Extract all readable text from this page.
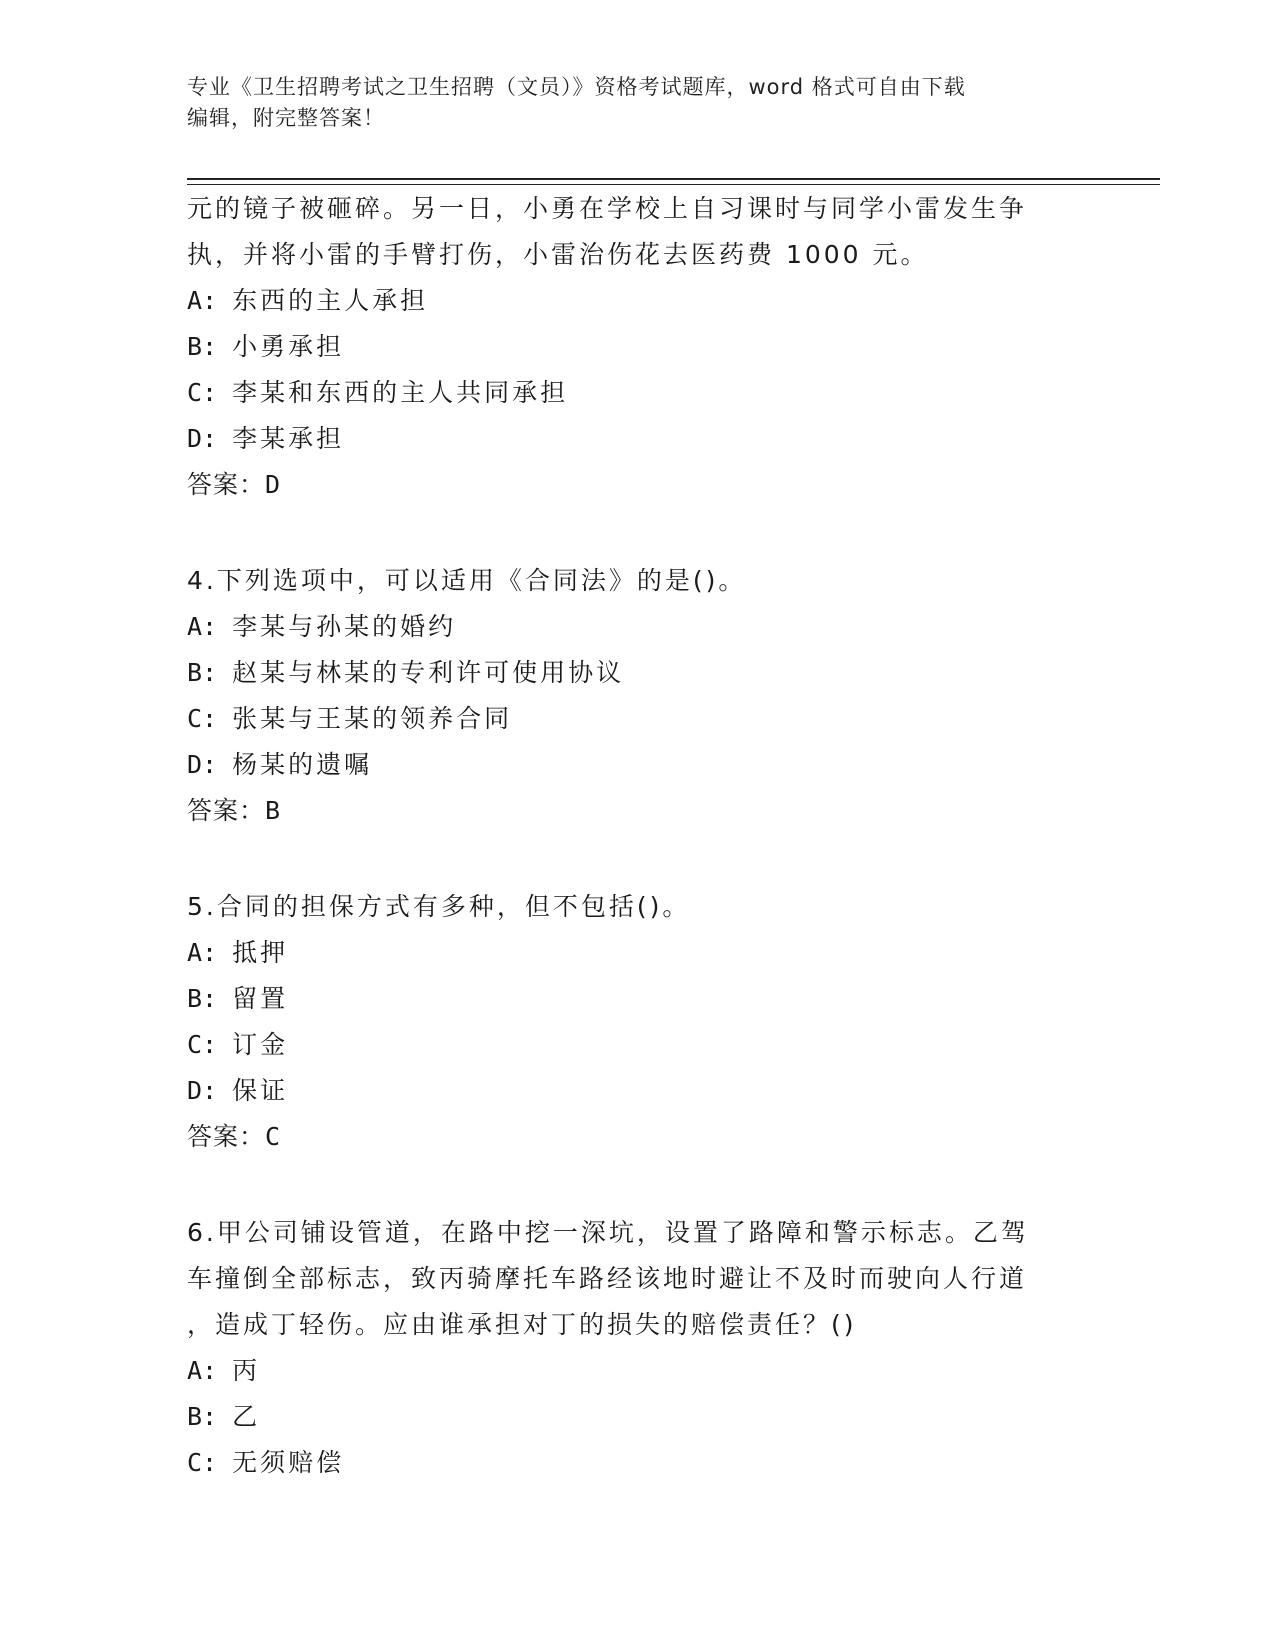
专业《卫生招聘考试之卫生招聘（文员）》资格考试题库，word 格式可自由下载
编辑，附完整答案！
元的镜子被砸碎。另一日，小勇在学校上自习课时与同学小雷发生争
执，并将小雷的手臂打伤，小雷治伤花去医药费 1000 元。
A: 东西的主人承担
B: 小勇承担
C: 李某和东西的主人共同承担
D: 李某承担
答案：D
4.下列选项中，可以适用《合同法》的是()。
A: 李某与孙某的婚约
B: 赵某与林某的专利许可使用协议
C: 张某与王某的领养合同
D: 杨某的遗嘱
答案：B
5.合同的担保方式有多种，但不包括()。
A: 抵押
B: 留置
C: 订金
D: 保证
答案：C
6.甲公司铺设管道，在路中挖一深坑，设置了路障和警示标志。乙驾
车撞倒全部标志，致丙骑摩托车路经该地时避让不及时而驶向人行道
，造成丁轻伤。应由谁承担对丁的损失的赔偿责任？()
A: 丙
B: 乙
C: 无须赔偿
